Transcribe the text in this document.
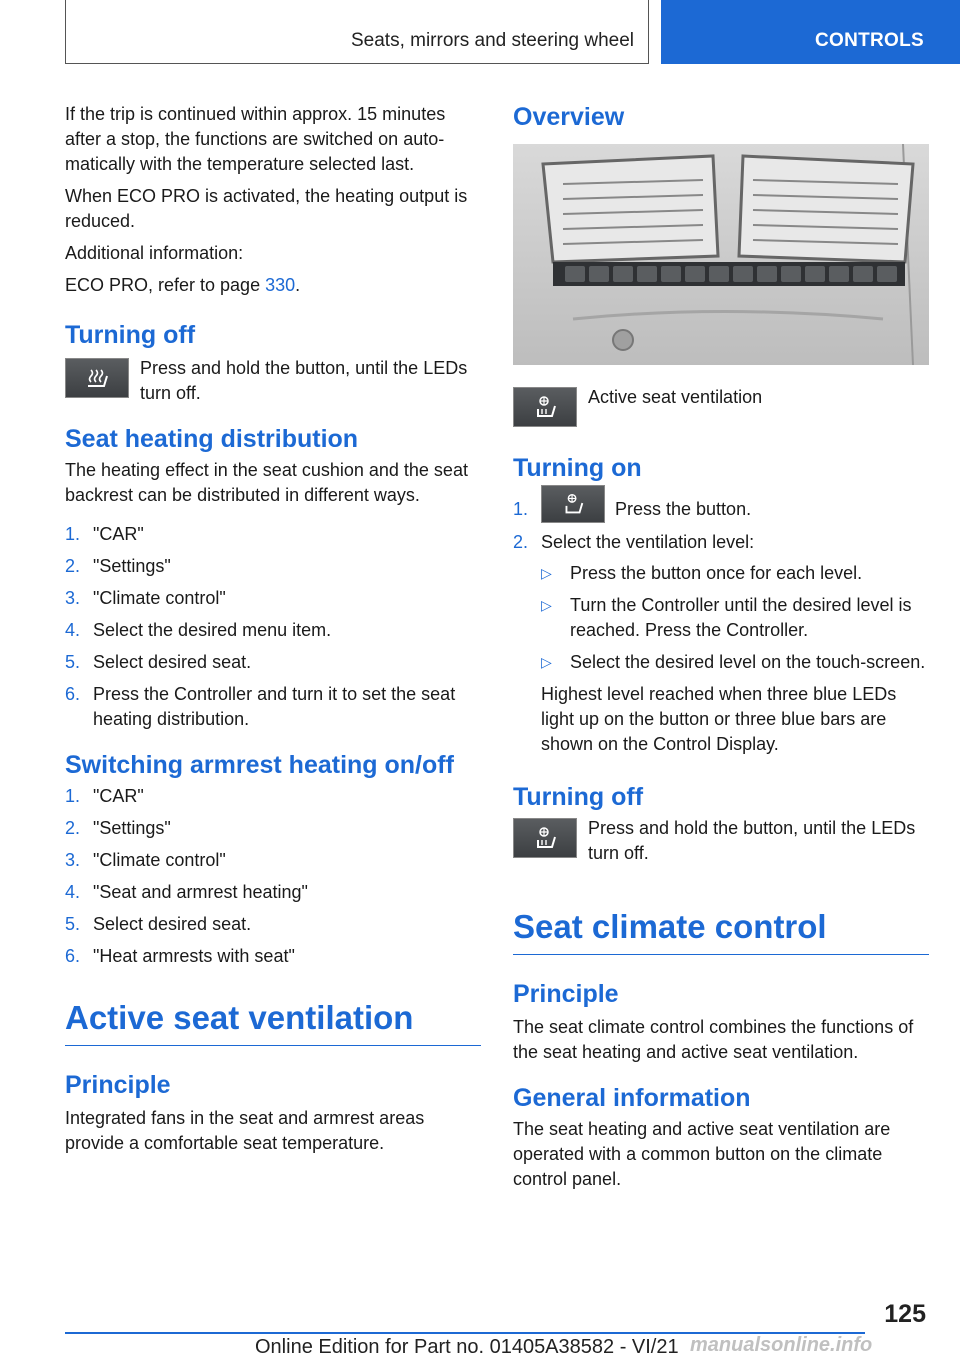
Seats, mirrors and steering wheel	CONTROLS

If the trip is continued within approx. 15 minutes after a stop, the functions are switched on auto-matically with the temperature selected last.

When ECO PRO is activated, the heating output is reduced.

Additional information:

ECO PRO, refer to page 330.

Turning off

Press and hold the button, until the LEDs turn off.

Seat heating distribution

The heating effect in the seat cushion and the seat backrest can be distributed in different ways.

1. "CAR"
2. "Settings"
3. "Climate control"
4. Select the desired menu item.
5. Select desired seat.
6. Press the Controller and turn it to set the seat heating distribution.
Switching armrest heating on/off
1. "CAR"
2. "Settings"
3. "Climate control"
4. "Seat and armrest heating"
5. Select desired seat.
6. "Heat armrests with seat"
Active seat ventilation
Principle

Integrated fans in the seat and armrest areas provide a comfortable seat temperature.

Overview

Active seat ventilation

Turning on
1.	Press the button.
2. Select the ventilation level:
▷	Press the button once for each level.
▷	Turn the Controller until the desired level is reached. Press the Controller.
▷	Select the desired level on the touch-screen.

Highest level reached when three blue LEDs light up on the button or three blue bars are shown on the Control Display.

Turning off

Press and hold the button, until the LEDs turn off.

Seat climate control
Principle

The seat climate control combines the functions of the seat heating and active seat ventilation.

General information

The seat heating and active seat ventilation are operated with a common button on the climate control panel.

125
Online Edition for Part no. 01405A38582 - VI/21 manualsonline.info
